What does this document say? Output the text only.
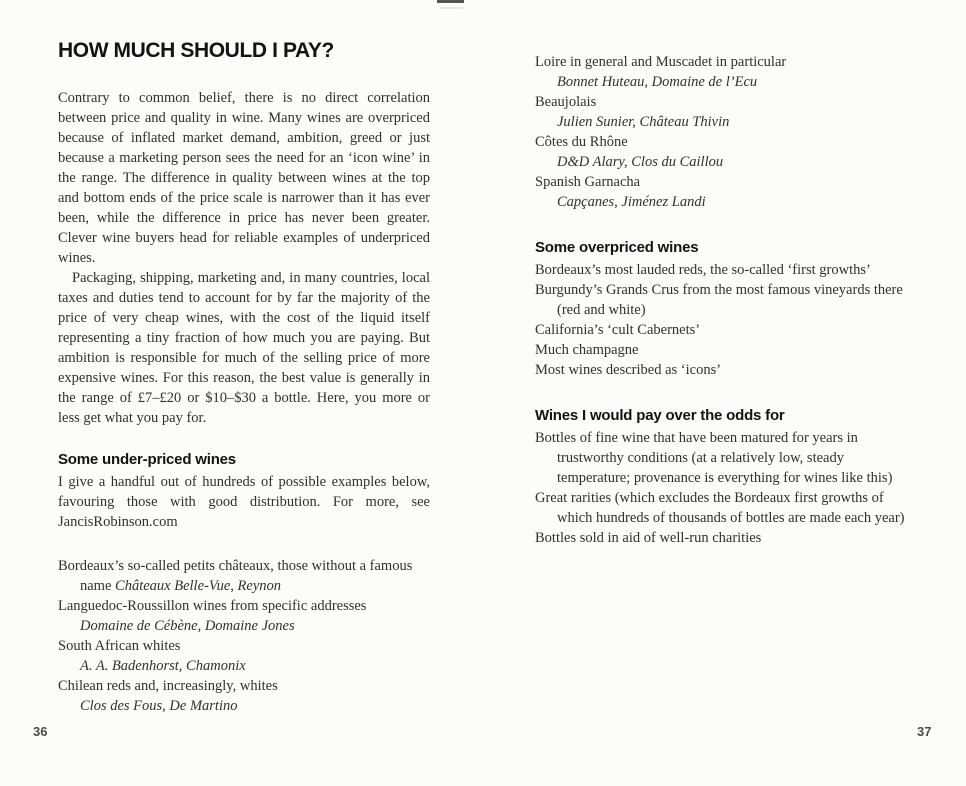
HOW MUCH SHOULD I PAY?

Contrary to common belief, there is no direct correlation between price and quality in wine. Many wines are overpriced because of inflated market demand, ambition, greed or just because a marketing person sees the need for an ‘icon wine’ in the range. The difference in quality between wines at the top and bottom ends of the price scale is narrower than it has ever been, while the difference in price has never been greater. Clever wine buyers head for reliable examples of underpriced wines.

Packaging, shipping, marketing and, in many countries, local taxes and duties tend to account for by far the majority of the price of very cheap wines, with the cost of the liquid itself representing a tiny fraction of how much you are paying. But ambition is responsible for much of the selling price of more expensive wines. For this reason, the best value is generally in the range of £7–£20 or $10–$30 a bottle. Here, you more or less get what you pay for.

Some under-priced wines

I give a handful out of hundreds of possible examples below, favouring those with good distribution. For more, see JancisRobinson.com

Bordeaux’s so-called petits châteaux, those without a famous name Châteaux Belle-Vue, Reynon
Languedoc-Roussillon wines from specific addresses
Domaine de Cébène, Domaine Jones
South African whites
A. A. Badenhorst, Chamonix
Chilean reds and, increasingly, whites
Clos des Fous, De Martino
Loire in general and Muscadet in particular
Bonnet Huteau, Domaine de l’Ecu
Beaujolais
Julien Sunier, Château Thivin
Côtes du Rhône
D&D Alary, Clos du Caillou
Spanish Garnacha
Capçanes, Jiménez Landi
Some overpriced wines
Bordeaux’s most lauded reds, the so-called ‘first growths’
Burgundy’s Grands Crus from the most famous vineyards there (red and white)
California’s ‘cult Cabernets’
Much champagne
Most wines described as ‘icons’
Wines I would pay over the odds for
Bottles of fine wine that have been matured for years in trustworthy conditions (at a relatively low, steady temperature; provenance is everything for wines like this)
Great rarities (which excludes the Bordeaux first growths of which hundreds of thousands of bottles are made each year)
Bottles sold in aid of well-run charities
36	37
